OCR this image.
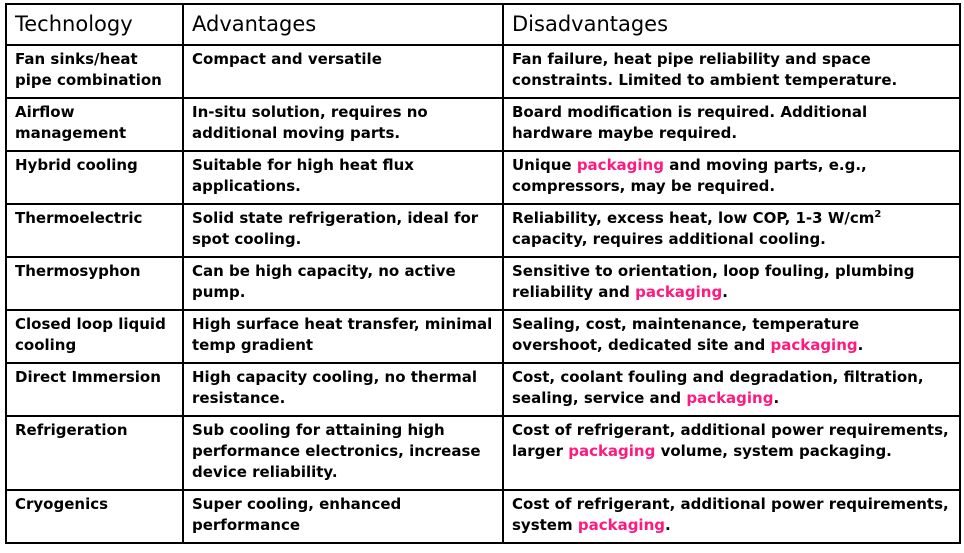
Technology	Advantages	Disadvantages
Fan sinks/heat pipe combination	Compact and versatile	Fan failure, heat pipe reliability and space constraints. Limited to ambient temperature.
Airflow management	In-situ solution, requires no additional moving parts.	Board modification is required. Additional hardware maybe required.
Hybrid cooling	Suitable for high heat flux applications.	Unique packaging and moving parts, e.g., compressors, may be required.
Thermoelectric	Solid state refrigeration, ideal for spot cooling.	Reliability, excess heat, low COP, 1-3 $W/cm^2$ capacity, requires additional cooling.
Thermosyphon	Can be high capacity, no active pump.	Sensitive to orientation, loop fouling, plumbing reliability and packaging.
Closed loop liquid cooling	High surface heat transfer, minimal temp gradient	Sealing, cost, maintenance, temperature overshoot, dedicated site and packaging.
Direct Immersion	High capacity cooling, no thermal resistance.	Cost, coolant fouling and degradation, filtration, sealing, service and packaging.
Refrigeration	Sub cooling for attaining high performance electronics, increase device reliability.	Cost of refrigerant, additional power requirements, larger packaging volume, system packaging.
Cryogenics	Super cooling, enhanced performance	Cost of refrigerant, additional power requirements, system packaging.
